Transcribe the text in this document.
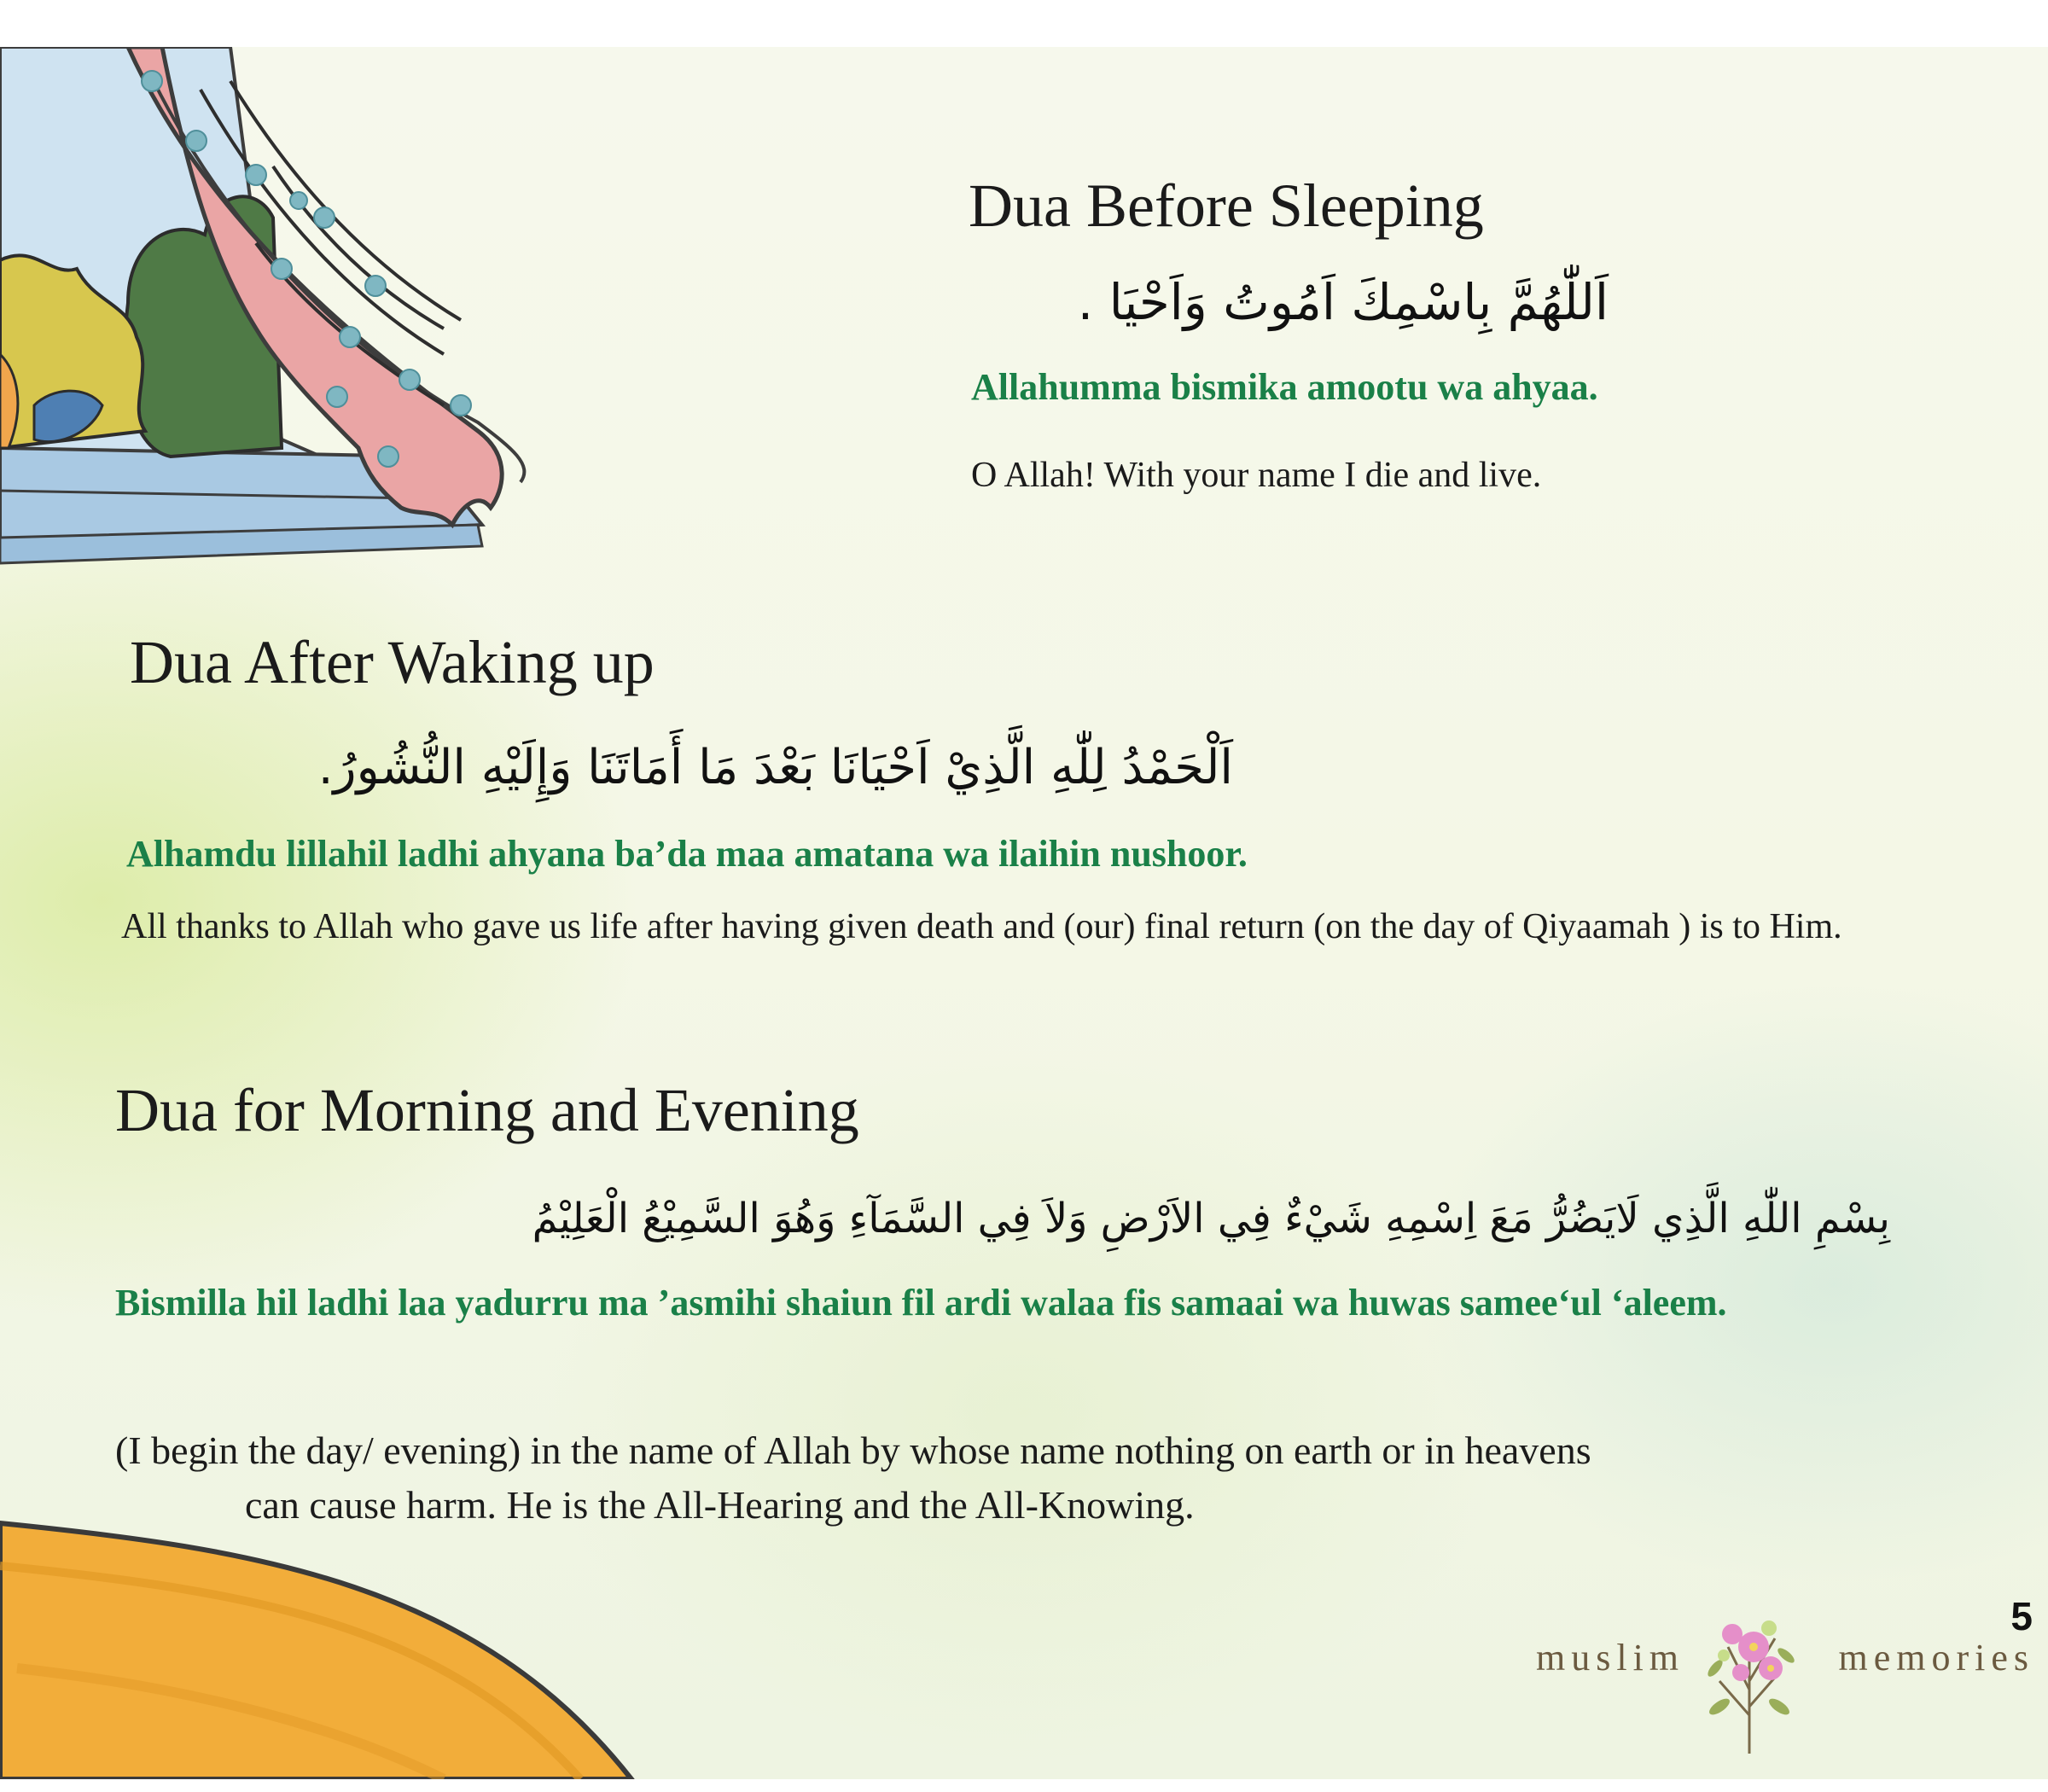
Dua Before Sleeping

اَللّٰهُمَّ بِاسْمِكَ اَمُوتُ وَاَحْيَا .

Allahumma bismika amootu wa ahyaa.

O Allah! With your name I die and live.

Dua After Waking up

اَلْحَمْدُ لِلّٰهِ الَّذِيْ اَحْيَانَا بَعْدَ مَا أَمَاتَنَا وَإِلَيْهِ النُّشُورُ.

Alhamdu lillahil ladhi ahyana ba’da maa amatana wa ilaihin nushoor.

All thanks to Allah who gave us life after having given death and (our) final return (on the day of Qiyaamah ) is to Him.

Dua for Morning and Evening

بِسْمِ اللّٰهِ الَّذِي لَايَضُرُّ مَعَ اِسْمِهِ شَيْءٌ فِي الاَرْضِ وَلاَ فِي السَّمَآءِ وَهُوَ السَّمِيْعُ الْعَلِيْمُ

Bismilla hil ladhi laa yadurru ma ’asmihi shaiun fil ardi walaa fis samaai wa huwas samee‘ul ‘aleem.

(I begin the day/ evening) in the name of Allah by whose name nothing on earth or in heavens
can cause harm. He is the All-Hearing and the All-Knowing.

5

muslim	memories
